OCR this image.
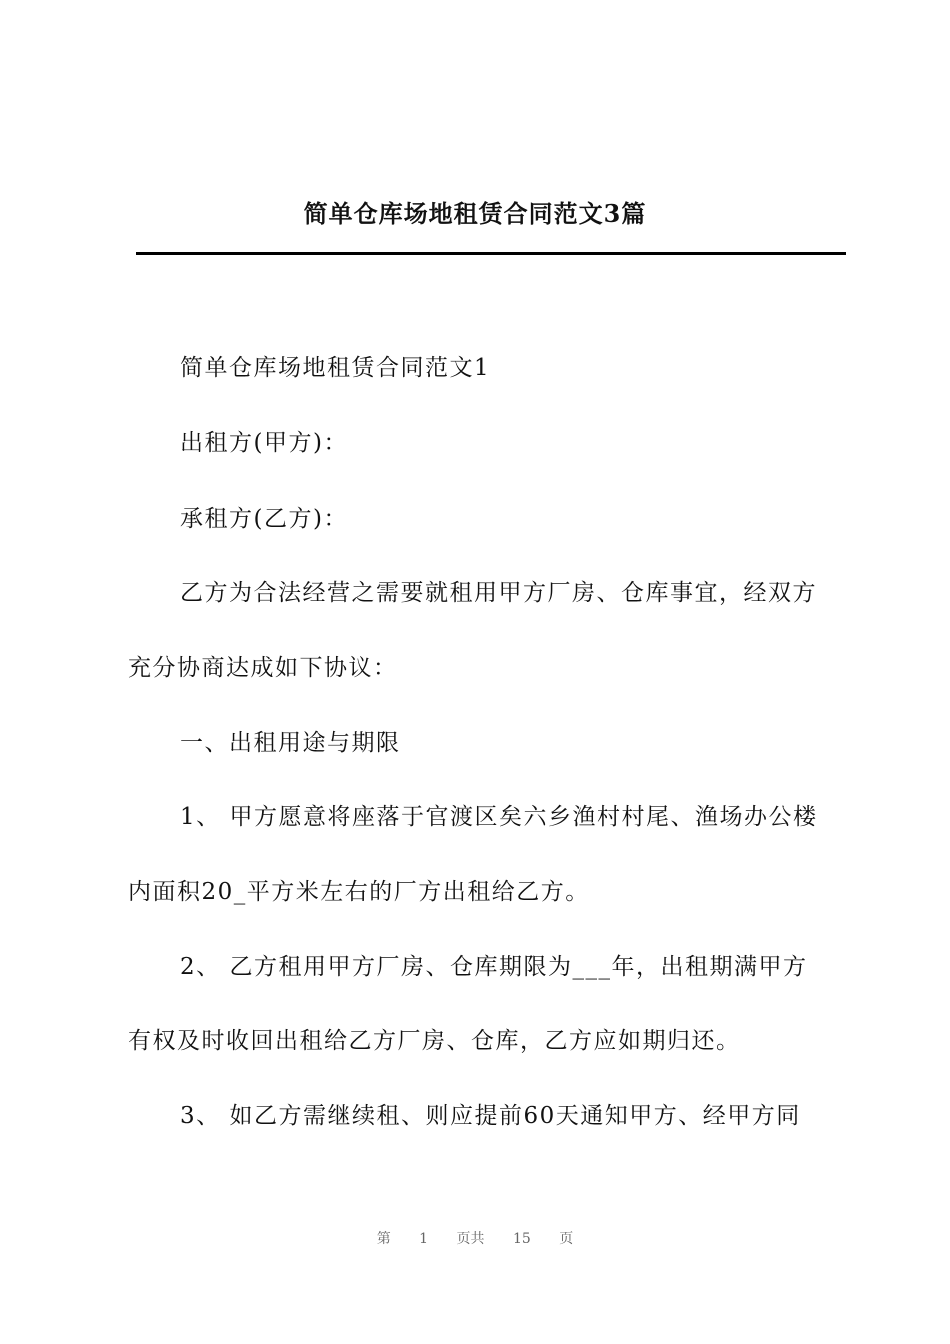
简单仓库场地租赁合同范文3篇

简单仓库场地租赁合同范文1

出租方(甲方)：

承租方(乙方)：

乙方为合法经营之需要就租用甲方厂房、仓库事宜，经双方

充分协商达成如下协议：

一、出租用途与期限

1、 甲方愿意将座落于官渡区矣六乡渔村村尾、渔场办公楼

内面积20_平方米左右的厂方出租给乙方。

2、 乙方租用甲方厂房、仓库期限为___年，出租期满甲方

有权及时收回出租给乙方厂房、仓库，乙方应如期归还。

3、 如乙方需继续租、则应提前60天通知甲方、经甲方同

第 1 页共 15 页
